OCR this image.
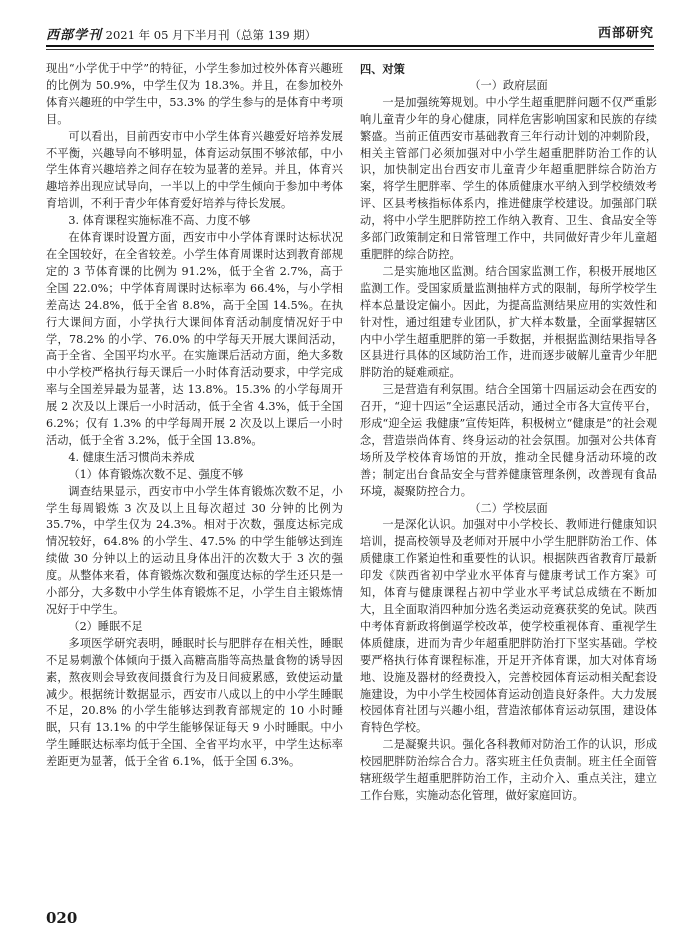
西部学刊 2021 年 05 月下半月刊（总第 139 期）	西部研究

现出“小学优于中学”的特征，小学生参加过校外体育兴趣班的比例为 50.9%，中学生仅为 18.3%。并且，在参加校外体育兴趣班的中学生中，53.3% 的学生参与的是体育中考项目。

可以看出，目前西安市中小学生体育兴趣爱好培养发展不平衡，兴趣导向不够明显，体育运动氛围不够浓郁，中小学生体育兴趣培养之间存在较为显著的差异。并且，体育兴趣培养出现应试导向，一半以上的中学生倾向于参加中考体育培训，不利于青少年体育爱好培养与待长发展。

3. 体育课程实施标准不高、力度不够

在体育课时设置方面，西安市中小学体育课时达标状况在全国较好，在全省较差。小学生体育周课时达到教育部规定的 3 节体育课的比例为 91.2%，低于全省 2.7%，高于全国 22.0%；中学体育周课时达标率为 66.4%，与小学相差高达 24.8%，低于全省 8.8%，高于全国 14.5%。在执行大课间方面，小学执行大课间体育活动制度情况好于中学，78.2% 的小学、76.0% 的中学每天开展大课间活动，高于全省、全国平均水平。在实施课后活动方面，绝大多数中小学校严格执行每天课后一小时体育活动要求，中学完成率与全国差异最为显著，达 13.8%。15.3% 的小学每周开展 2 次及以上课后一小时活动，低于全省 4.3%，低于全国 6.2%；仅有 1.3% 的中学每周开展 2 次及以上课后一小时活动，低于全省 3.2%，低于全国 13.8%。

4. 健康生活习惯尚未养成

（1）体育锻炼次数不足、强度不够

调查结果显示，西安市中小学生体育锻炼次数不足，小学生每周锻炼 3 次及以上且每次超过 30 分钟的比例为 35.7%，中学生仅为 24.3%。相对于次数，强度达标完成情况较好，64.8% 的小学生、47.5% 的中学生能够达到连续做 30 分钟以上的运动且身体出汗的次数大于 3 次的强度。从整体来看，体育锻炼次数和强度达标的学生还只是一小部分，大多数中小学生体育锻炼不足，小学生自主锻炼情况好于中学生。

（2）睡眠不足

多项医学研究表明，睡眠时长与肥胖存在相关性，睡眠不足易刺激个体倾向于摄入高糖高脂等高热量食物的诱导因素，熬夜则会导致夜间摄食行为及日间疲累感，致使运动量减少。根据统计数据显示，西安市八成以上的中小学生睡眠不足，20.8% 的小学生能够达到教育部规定的 10 小时睡眠，只有 13.1% 的中学生能够保证每天 9 小时睡眠。中小学生睡眠达标率均低于全国、全省平均水平，中学生达标率差距更为显著，低于全省 6.1%，低于全国 6.3%。

四、对策

（一）政府层面

一是加强统筹规划。中小学生超重肥胖问题不仅严重影响儿童青少年的身心健康，同样危害影响国家和民族的存续繁盛。当前正值西安市基础教育三年行动计划的冲刺阶段，相关主管部门必须加强对中小学生超重肥胖防治工作的认识，加快制定出台西安市儿童青少年超重肥胖综合防治方案，将学生肥胖率、学生的体质健康水平纳入到学校绩效考评、区县考核指标体系内，推进健康学校建设。加强部门联动，将中小学生肥胖防控工作纳入教育、卫生、食品安全等多部门政策制定和日常管理工作中，共同做好青少年儿童超重肥胖的综合防控。

二是实施地区监测。结合国家监测工作，积极开展地区监测工作。受国家质量监测抽样方式的限制，每所学校学生样本总量设定偏小。因此，为提高监测结果应用的实效性和针对性，通过组建专业团队，扩大样本数量，全面掌握辖区内中小学生超重肥胖的第一手数据，并根据监测结果指导各区县进行具体的区域防治工作，进而逐步破解儿童青少年肥胖防治的疑难顽症。

三是营造有利氛围。结合全国第十四届运动会在西安的召开，“迎十四运”全运惠民活动，通过全市各大宣传平台，形成“迎全运 我健康”宣传矩阵，积极树立“健康是”的社会观念，营造崇尚体育、终身运动的社会氛围。加强对公共体育场所及学校体育场馆的开放，推动全民健身活动环境的改善；制定出台食品安全与营养健康管理条例，改善现有食品环境，凝聚防控合力。

（二）学校层面

一是深化认识。加强对中小学校长、教师进行健康知识培训，提高校领导及老师对开展中小学生肥胖防治工作、体质健康工作紧迫性和重要性的认识。根据陕西省教育厅最新印发《陕西省初中学业水平体育与健康考试工作方案》可知，体育与健康课程占初中学业水平考试总成绩在不断加大，且全面取消四种加分选名类运动竞赛获奖的免试。陕西中考体育新政将倒逼学校改革，使学校重视体育、重视学生体质健康，进而为青少年超重肥胖防治打下坚实基础。学校要严格执行体育课程标准，开足开齐体育课，加大对体育场地、设施及器材的经费投入，完善校园体育运动相关配套设施建设，为中小学生校园体育运动创造良好条件。大力发展校园体育社团与兴趣小组，营造浓郁体育运动氛围，建设体育特色学校。

二是凝聚共识。强化各科教师对防治工作的认识，形成校园肥胖防治综合合力。落实班主任负责制。班主任全面管辖班级学生超重肥胖防治工作，主动介入、重点关注，建立工作台账，实施动态化管理，做好家庭回访。

020
